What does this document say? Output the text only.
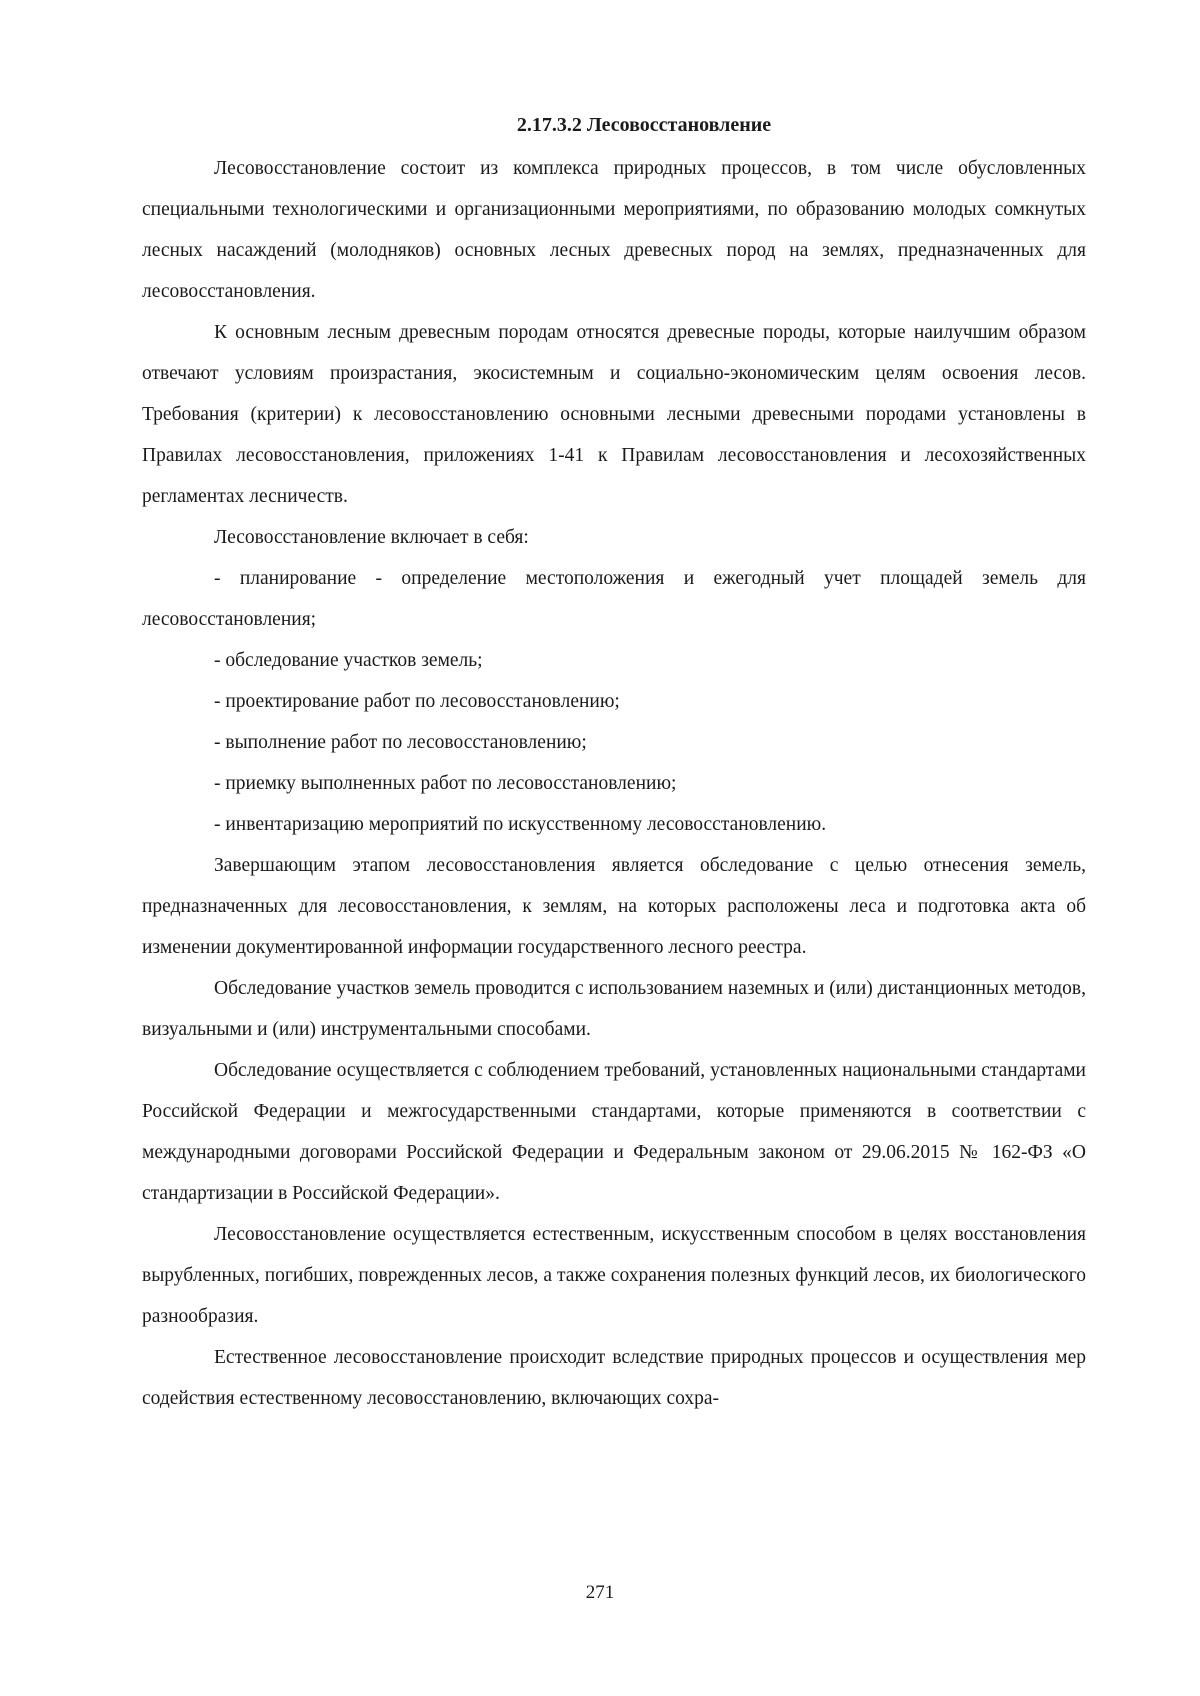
2.17.3.2 Лесовосстановление

Лесовосстановление состоит из комплекса природных процессов, в том числе обусловленных специальными технологическими и организационными мероприятиями, по образованию молодых сомкнутых лесных насаждений (молодняков) основных лесных древесных пород на землях, предназначенных для лесовосстановления.

К основным лесным древесным породам относятся древесные породы, которые наилучшим образом отвечают условиям произрастания, экосистемным и социально-экономическим целям освоения лесов. Требования (критерии) к лесовосстановлению основными лесными древесными породами установлены в Правилах лесовосстановления, приложениях 1-41 к Правилам лесовосстановления и лесохозяйственных регламентах лесничеств.

Лесовосстановление включает в себя:

- планирование - определение местоположения и ежегодный учет площадей земель для лесовосстановления;

- обследование участков земель;

- проектирование работ по лесовосстановлению;

- выполнение работ по лесовосстановлению;

- приемку выполненных работ по лесовосстановлению;

- инвентаризацию мероприятий по искусственному лесовосстановлению.

Завершающим этапом лесовосстановления является обследование с целью отнесения земель, предназначенных для лесовосстановления, к землям, на которых расположены леса и подготовка акта об изменении документированной информации государственного лесного реестра.

Обследование участков земель проводится с использованием наземных и (или) дистанционных методов, визуальными и (или) инструментальными способами.

Обследование осуществляется с соблюдением требований, установленных национальными стандартами Российской Федерации и межгосударственными стандартами, которые применяются в соответствии с международными договорами Российской Федерации и Федеральным законом от 29.06.2015 № 162-ФЗ «О стандартизации в Российской Федерации».

Лесовосстановление осуществляется естественным, искусственным способом в целях восстановления вырубленных, погибших, поврежденных лесов, а также сохранения полезных функций лесов, их биологического разнообразия.

Естественное лесовосстановление происходит вследствие природных процессов и осуществления мер содействия естественному лесовосстановлению, включающих сохра-

271
